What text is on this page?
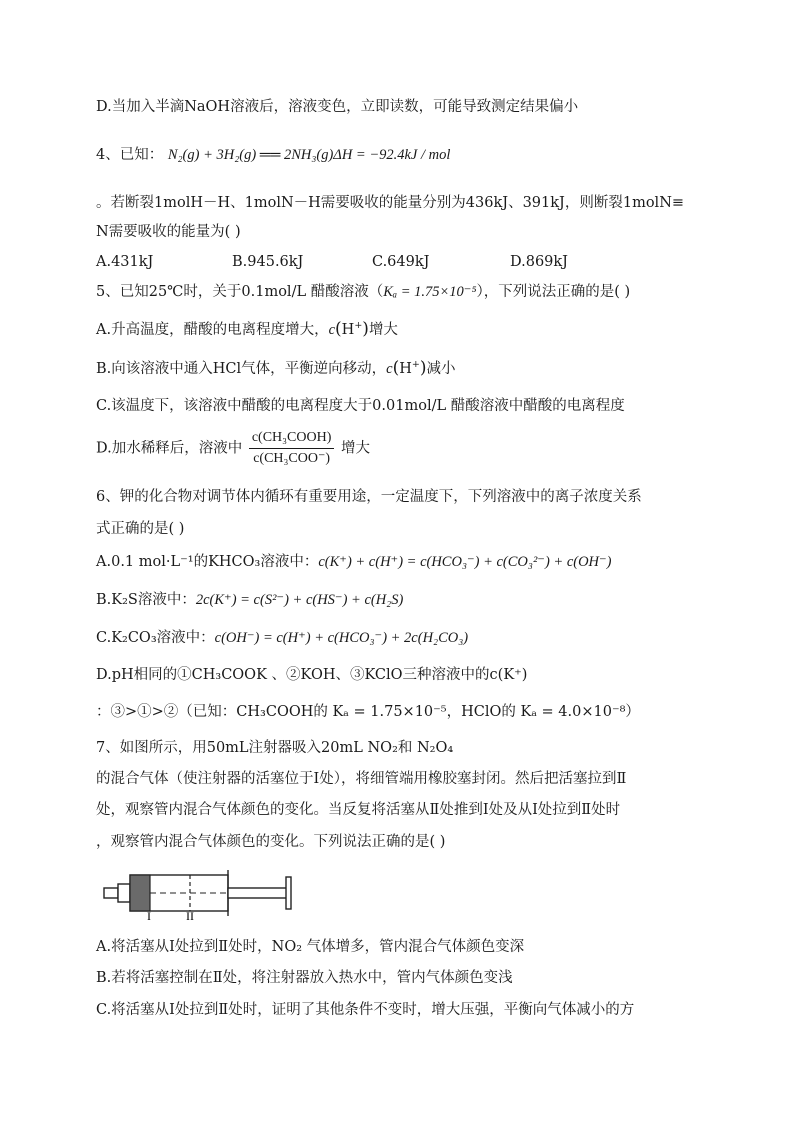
D.当加入半滴NaOH溶液后，溶液变色，立即读数，可能导致测定结果偏小
4、已知： N₂(g) + 3H₂(g) ══ 2NH₃(g)ΔH = −92.4kJ / mol
。若断裂1molH－H、1molN－H需要吸收的能量分别为436kJ、391kJ，则断裂1molN≡
N需要吸收的能量为( )
A.431kJ	B.945.6kJ	C.649kJ	D.869kJ
5、已知25℃时，关于0.1mol/L 醋酸溶液（Kₐ = 1.75×10⁻⁵），下列说法正确的是( )
A.升高温度，醋酸的电离程度增大，c(H+)增大
B.向该溶液中通入HCl气体，平衡逆向移动，c(H+)减小
C.该温度下，该溶液中醋酸的电离程度大于0.01mol/L 醋酸溶液中醋酸的电离程度
D.加水稀释后，溶液中 $\frac{\text{c(CH₃COOH)}}{\text{c(CH₃COO⁻)}}$ 增大
6、钾的化合物对调节体内循环有重要用途，一定温度下，下列溶液中的离子浓度关系
式正确的是( )
A.0.1 mol·L⁻¹的KHCO₃溶液中：c(K⁺) + c(H⁺) = c(HCO₃⁻) + c(CO₃²⁻) + c(OH⁻)
B.K₂S溶液中：2c(K⁺) = c(S²⁻) + c(HS⁻) + c(H₂S)
C.K₂CO₃溶液中：c(OH⁻) = c(H⁺) + c(HCO₃⁻) + 2c(H₂CO₃)
D.pH相同的①CH₃COOK 、②KOH、③KClO三种溶液中的c(K⁺)
：③>①>②（已知：CH₃COOH的 Kₐ = 1.75×10⁻⁵，HClO的 Kₐ = 4.0×10⁻⁸）
7、如图所示，用50mL注射器吸入20mL NO₂和 N₂O₄
的混合气体（使注射器的活塞位于I处），将细管端用橡胶塞封闭。然后把活塞拉到Ⅱ
处，观察管内混合气体颜色的变化。当反复将活塞从Ⅱ处推到I处及从I处拉到Ⅱ处时
，观察管内混合气体颜色的变化。下列说法正确的是( )
I	II
A.将活塞从I处拉到Ⅱ处时，NO₂ 气体增多，管内混合气体颜色变深
B.若将活塞控制在Ⅱ处，将注射器放入热水中，管内气体颜色变浅
C.将活塞从I处拉到Ⅱ处时，证明了其他条件不变时，增大压强，平衡向气体减小的方
